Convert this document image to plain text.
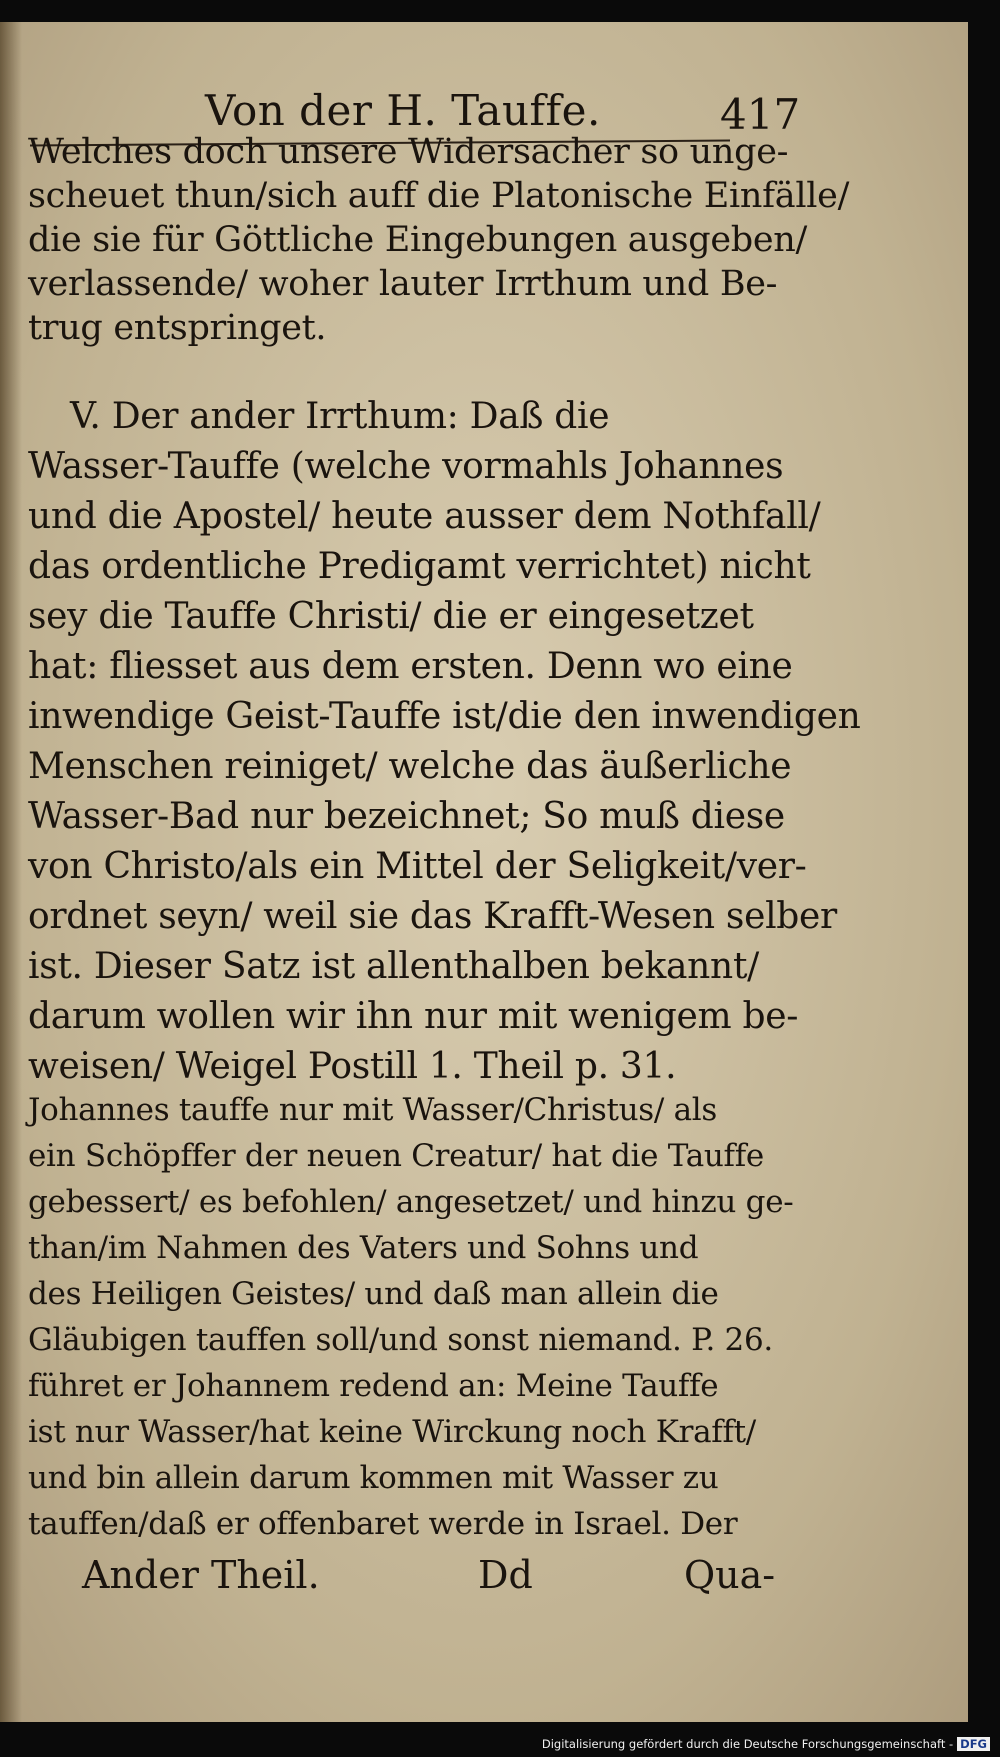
Von der H. Tauffe.	417
Welches doch unsere Widersacher so unge-
scheuet thun/sich auff die Platonische Einfälle/
die sie für Göttliche Eingebungen ausgeben/
verlassende/ woher lauter Irrthum und Be-
trug entspringet.
V. Der ander Irrthum: Daß die
Wasser-Tauffe (welche vormahls Johannes
und die Apostel/ heute ausser dem Nothfall/
das ordentliche Predigamt verrichtet) nicht
sey die Tauffe Christi/ die er eingesetzet
hat: fliesset aus dem ersten. Denn wo eine
inwendige Geist-Tauffe ist/die den inwendigen
Menschen reiniget/ welche das äußerliche
Wasser-Bad nur bezeichnet; So muß diese
von Christo/als ein Mittel der Seligkeit/ver-
ordnet seyn/ weil sie das Krafft-Wesen selber
ist. Dieser Satz ist allenthalben bekannt/
darum wollen wir ihn nur mit wenigem be-
weisen/ Weigel Postill 1. Theil p. 31.
Johannes tauffe nur mit Wasser/Christus/ als
ein Schöpffer der neuen Creatur/ hat die Tauffe
gebessert/ es befohlen/ angesetzet/ und hinzu ge-
than/im Nahmen des Vaters und Sohns und
des Heiligen Geistes/ und daß man allein die
Gläubigen tauffen soll/und sonst niemand. P. 26.
führet er Johannem redend an: Meine Tauffe
ist nur Wasser/hat keine Wirckung noch Krafft/
und bin allein darum kommen mit Wasser zu
Ander Theil.	Dd	Qua-
Digitalisierung gefördert durch die Deutsche Forschungsgemeinschaft - DFG
tauffen/daß er offenbaret werde in Israel. Der
